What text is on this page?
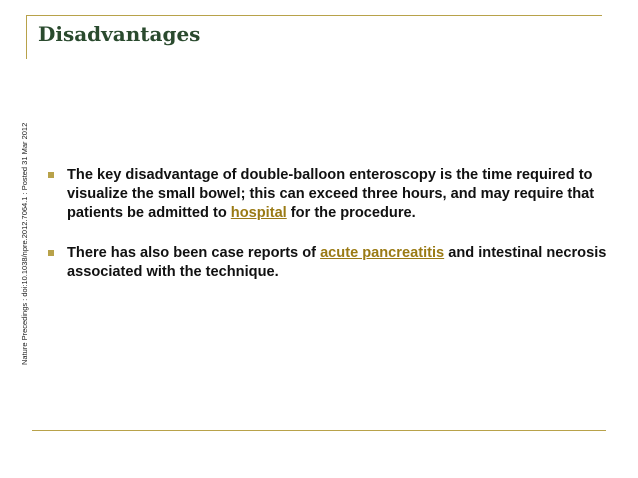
Disadvantages
Nature Precedings : doi:10.1038/npre.2012.7064.1 : Posted 31 Mar 2012	The key disadvantage of double-balloon enteroscopy is the time required to visualize the small bowel; this can exceed three hours, and may require that patients be admitted to hospital for the procedure.
There has also been case reports of acute pancreatitis and intestinal necrosis associated with the technique.
